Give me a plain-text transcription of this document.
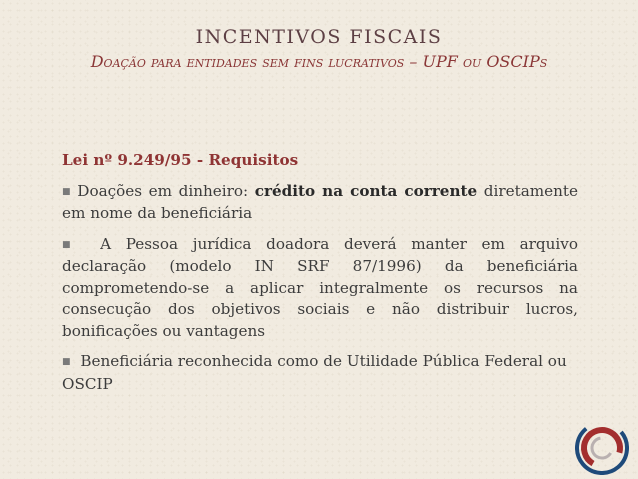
INCENTIVOS FISCAIS
Doação para entidades sem fins lucrativos – UPF ou OSCIPs
Lei nº 9.249/95 - Requisitos
■ Doações em dinheiro: crédito na conta corrente diretamente em nome da beneficiária
■ A Pessoa jurídica doadora deverá manter em arquivo declaração (modelo IN SRF 87/1996) da beneficiária comprometendo-se a aplicar integralmente os recursos na consecução dos objetivos sociais e não distribuir lucros, bonificações ou vantagens
■ Beneficiária reconhecida como de Utilidade Pública Federal ou OSCIP
